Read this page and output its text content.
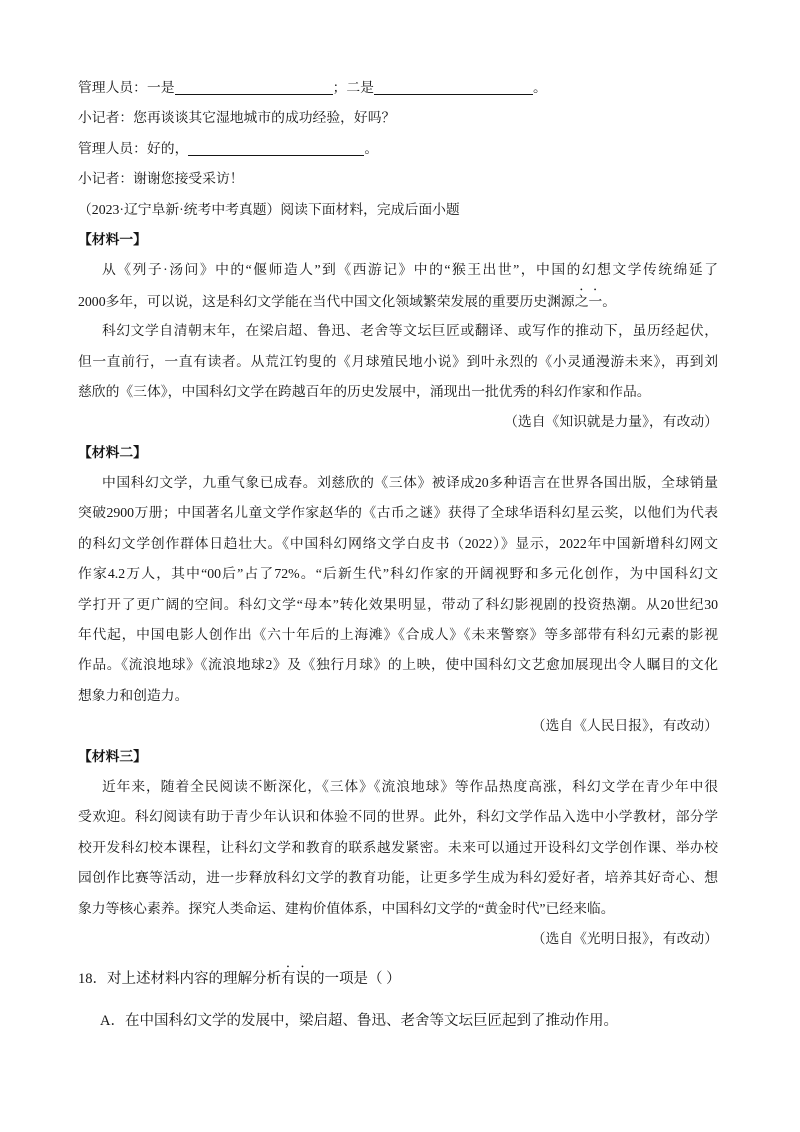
管理人员：一是	；二是	。
小记者：您再谈谈其它湿地城市的成功经验，好吗？
管理人员：好的，	。
小记者：谢谢您接受采访！
（2023·辽宁阜新·统考中考真题）阅读下面材料，完成后面小题
【材料一】
从《列子·汤问》中的“偃师造人”到《西游记》中的“猴王出世”，中国的幻想文学传统绵延了
2000多年，可以说，这是科幻文学能在当代中国文化领域繁荣发展的重要历史渊源之一。
科幻文学自清朝末年，在梁启超、鲁迅、老舍等文坛巨匠或翻译、或写作的推动下，虽历经起伏，
但一直前行，一直有读者。从荒江钓叟的《月球殖民地小说》到叶永烈的《小灵通漫游未来》，再到刘
慈欣的《三体》，中国科幻文学在跨越百年的历史发展中，涌现出一批优秀的科幻作家和作品。
（选自《知识就是力量》，有改动）
【材料二】
中国科幻文学，九重气象已成春。刘慈欣的《三体》被译成20多种语言在世界各国出版，全球销量
突破2900万册；中国著名儿童文学作家赵华的《古币之谜》获得了全球华语科幻星云奖，以他们为代表
的科幻文学创作群体日趋壮大。《中国科幻网络文学白皮书（2022）》显示，2022年中国新增科幻网文
作家4.2万人，其中“00后”占了72%。“后新生代”科幻作家的开阔视野和多元化创作，为中国科幻文
学打开了更广阔的空间。科幻文学“母本”转化效果明显，带动了科幻影视剧的投资热潮。从20世纪30
年代起，中国电影人创作出《六十年后的上海滩》《合成人》《未来警察》等多部带有科幻元素的影视
作品。《流浪地球》《流浪地球2》及《独行月球》的上映，使中国科幻文艺愈加展现出令人瞩目的文化
想象力和创造力。
（选自《人民日报》，有改动）
【材料三】
近年来，随着全民阅读不断深化，《三体》《流浪地球》等作品热度高涨，科幻文学在青少年中很
受欢迎。科幻阅读有助于青少年认识和体验不同的世界。此外，科幻文学作品入选中小学教材，部分学
校开发科幻校本课程，让科幻文学和教育的联系越发紧密。未来可以通过开设科幻文学创作课、举办校
园创作比赛等活动，进一步释放科幻文学的教育功能，让更多学生成为科幻爱好者，培养其好奇心、想
象力等核心素养。探究人类命运、建构价值体系，中国科幻文学的“黄金时代”已经来临。
（选自《光明日报》，有改动）
18．对上述材料内容的理解分析有误的一项是（ ）
A．在中国科幻文学的发展中，梁启超、鲁迅、老舍等文坛巨匠起到了推动作用。
